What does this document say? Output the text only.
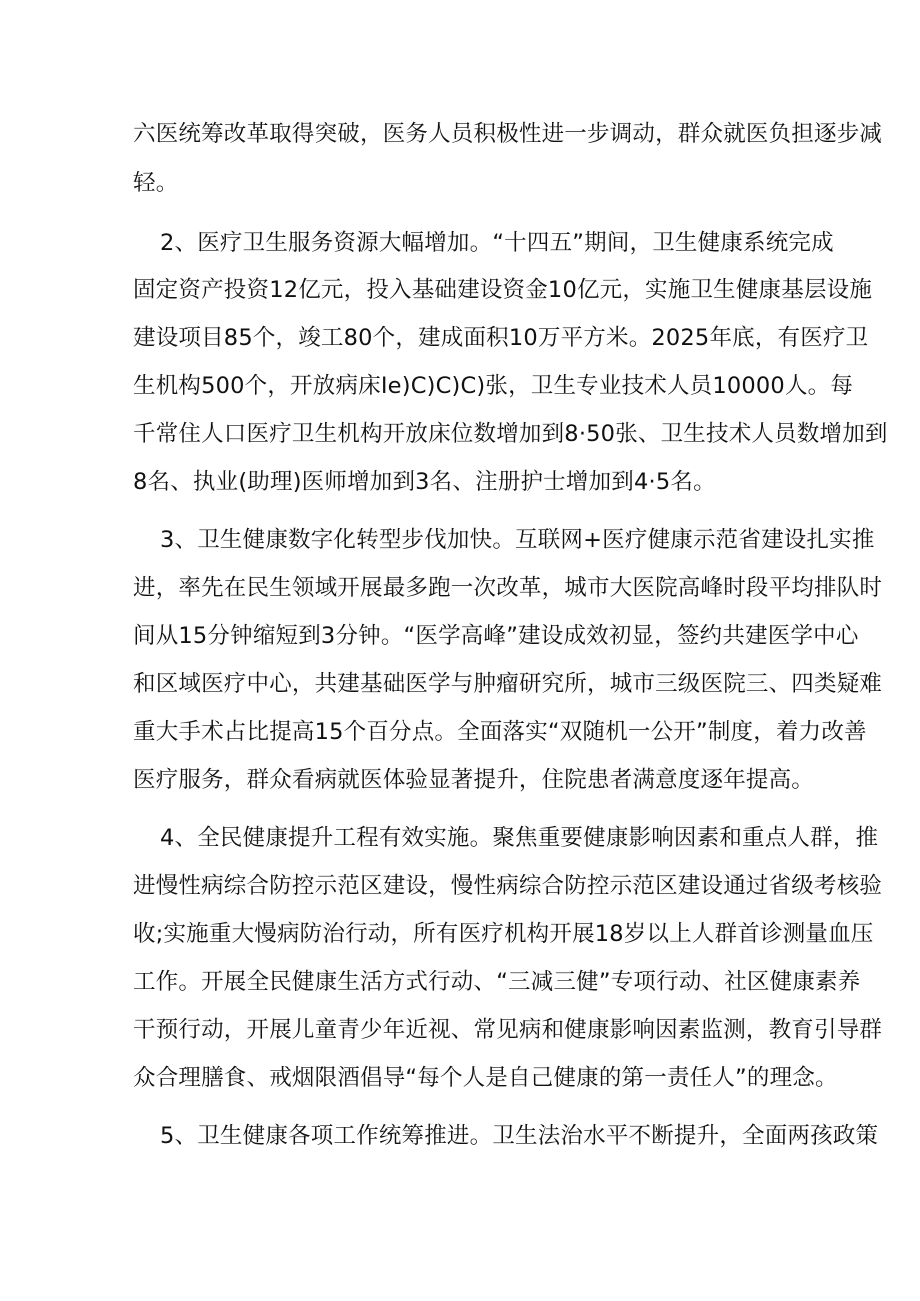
六医统筹改革取得突破，医务人员积极性进一步调动，群众就医负担逐步减
轻。
2、医疗卫生服务资源大幅增加。“十四五”期间，卫生健康系统完成
固定资产投资12亿元，投入基础建设资金10亿元，实施卫生健康基层设施
建设项目85个，竣工80个，建成面积10万平方米。2025年底，有医疗卫
生机构500个，开放病床Ie)C)C)C)张，卫生专业技术人员10000人。每
千常住人口医疗卫生机构开放床位数增加到8·50张、卫生技术人员数增加到
8名、执业(助理)医师增加到3名、注册护士增加到4·5名。
3、卫生健康数字化转型步伐加快。互联网+医疗健康示范省建设扎实推
进，率先在民生领域开展最多跑一次改革，城市大医院高峰时段平均排队时
间从15分钟缩短到3分钟。“医学高峰”建设成效初显，签约共建医学中心
和区域医疗中心，共建基础医学与肿瘤研究所，城市三级医院三、四类疑难
重大手术占比提高15个百分点。全面落实“双随机一公开”制度，着力改善
医疗服务，群众看病就医体验显著提升，住院患者满意度逐年提高。
4、全民健康提升工程有效实施。聚焦重要健康影响因素和重点人群，推
进慢性病综合防控示范区建设，慢性病综合防控示范区建设通过省级考核验
收;实施重大慢病防治行动，所有医疗机构开展18岁以上人群首诊测量血压
工作。开展全民健康生活方式行动、“三减三健”专项行动、社区健康素养
干预行动，开展儿童青少年近视、常见病和健康影响因素监测，教育引导群
众合理膳食、戒烟限酒倡导“每个人是自己健康的第一责任人”的理念。
5、卫生健康各项工作统筹推进。卫生法治水平不断提升，全面两孩政策
